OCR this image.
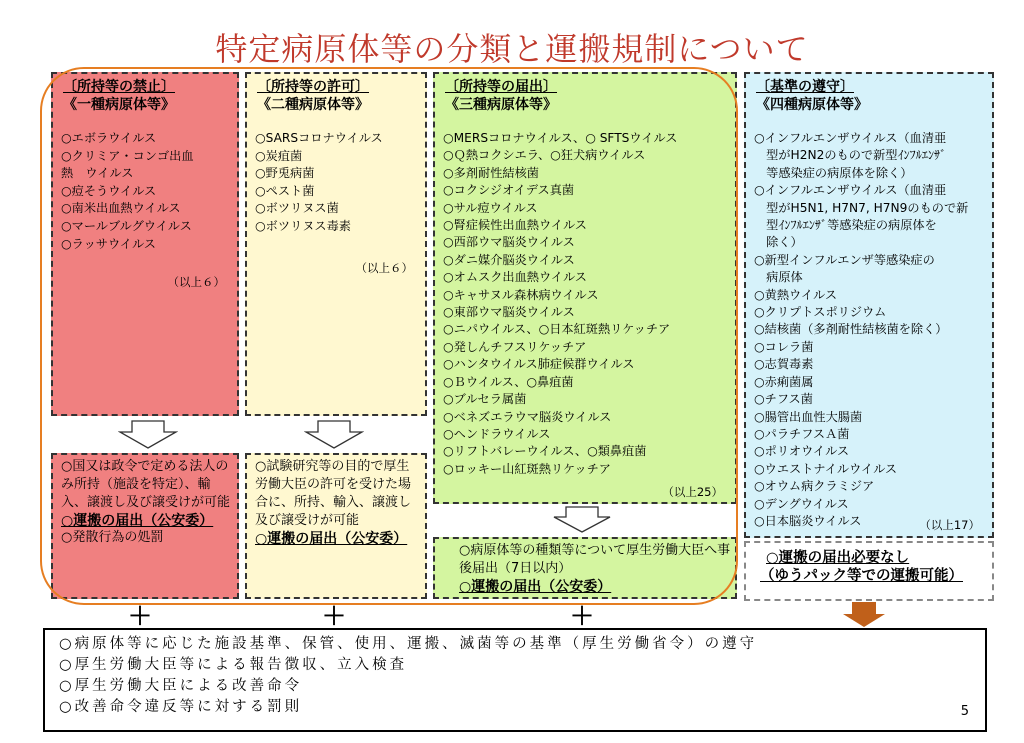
特定病原体等の分類と運搬規制について
〔所持等の禁止〕
《一種病原体等》
○エボラウイルス
○クリミア・コンゴ出血
熱　ウイルス
○痘そうウイルス
○南米出血熱ウイルス
○マールブルグウイルス
○ラッサウイルス
（以上６）
〔所持等の許可〕
《二種病原体等》
○SARSコロナウイルス
○炭疽菌
○野兎病菌
○ペスト菌
○ボツリヌス菌
○ボツリヌス毒素
（以上６）
〔所持等の届出〕
《三種病原体等》
○MERSコロナウイルス、○ SFTSウイルス
○Ｑ熱コクシエラ、○狂犬病ウイルス
○多剤耐性結核菌
○コクシジオイデス真菌
○サル痘ウイルス
○腎症候性出血熱ウイルス
○西部ウマ脳炎ウイルス
○ダニ媒介脳炎ウイルス
○オムスク出血熱ウイルス
○キャサヌル森林病ウイルス
○東部ウマ脳炎ウイルス
○ニパウイルス、○日本紅斑熱リケッチア
○発しんチフスリケッチア
○ハンタウイルス肺症候群ウイルス
○Ｂウイルス、○鼻疽菌
○ブルセラ属菌
○ベネズエラウマ脳炎ウイルス
○ヘンドラウイルス
○リフトバレーウイルス、○類鼻疽菌
○ロッキー山紅斑熱リケッチア
（以上25）
〔基準の遵守〕
《四種病原体等》
○インフルエンザウイルス（血清亜
　型がH2N2のもので新型ｲﾝﾌﾙｴﾝｻﾞ
　等感染症の病原体を除く）
○インフルエンザウイルス（血清亜
　型がH5N1, H7N7, H7N9のもので新
　型ｲﾝﾌﾙｴﾝｻﾞ等感染症の病原体を
　除く）
○新型インフルエンザ等感染症の
　病原体
○黄熱ウイルス
○クリプトスポリジウム
○結核菌（多剤耐性結核菌を除く）
○コレラ菌
○志賀毒素
○赤痢菌属
○チフス菌
○腸管出血性大腸菌
○パラチフスＡ菌
○ポリオウイルス
○ウエストナイルウイルス
○オウム病クラミジア
○デングウイルス
○日本脳炎ウイルス	（以上17）
○国又は政令で定める法人のみ所持（施設を特定）、輸入、譲渡し及び譲受けが可能
○運搬の届出（公安委）
○発散行為の処罰
○試験研究等の目的で厚生労働大臣の許可を受けた場合に、所持、輸入、譲渡し及び譲受けが可能
○運搬の届出（公安委）
○病原体等の種類等について厚生労働大臣へ事後届出（7日以内）
○運搬の届出（公安委）
○運搬の届出必要なし
（ゆうパック等での運搬可能）
＋	＋	＋
○病原体等に応じた施設基準、保管、使用、運搬、滅菌等の基準（厚生労働省令）の遵守
○厚生労働大臣等による報告徴収、立入検査
○厚生労働大臣による改善命令
○改善命令違反等に対する罰則	5
